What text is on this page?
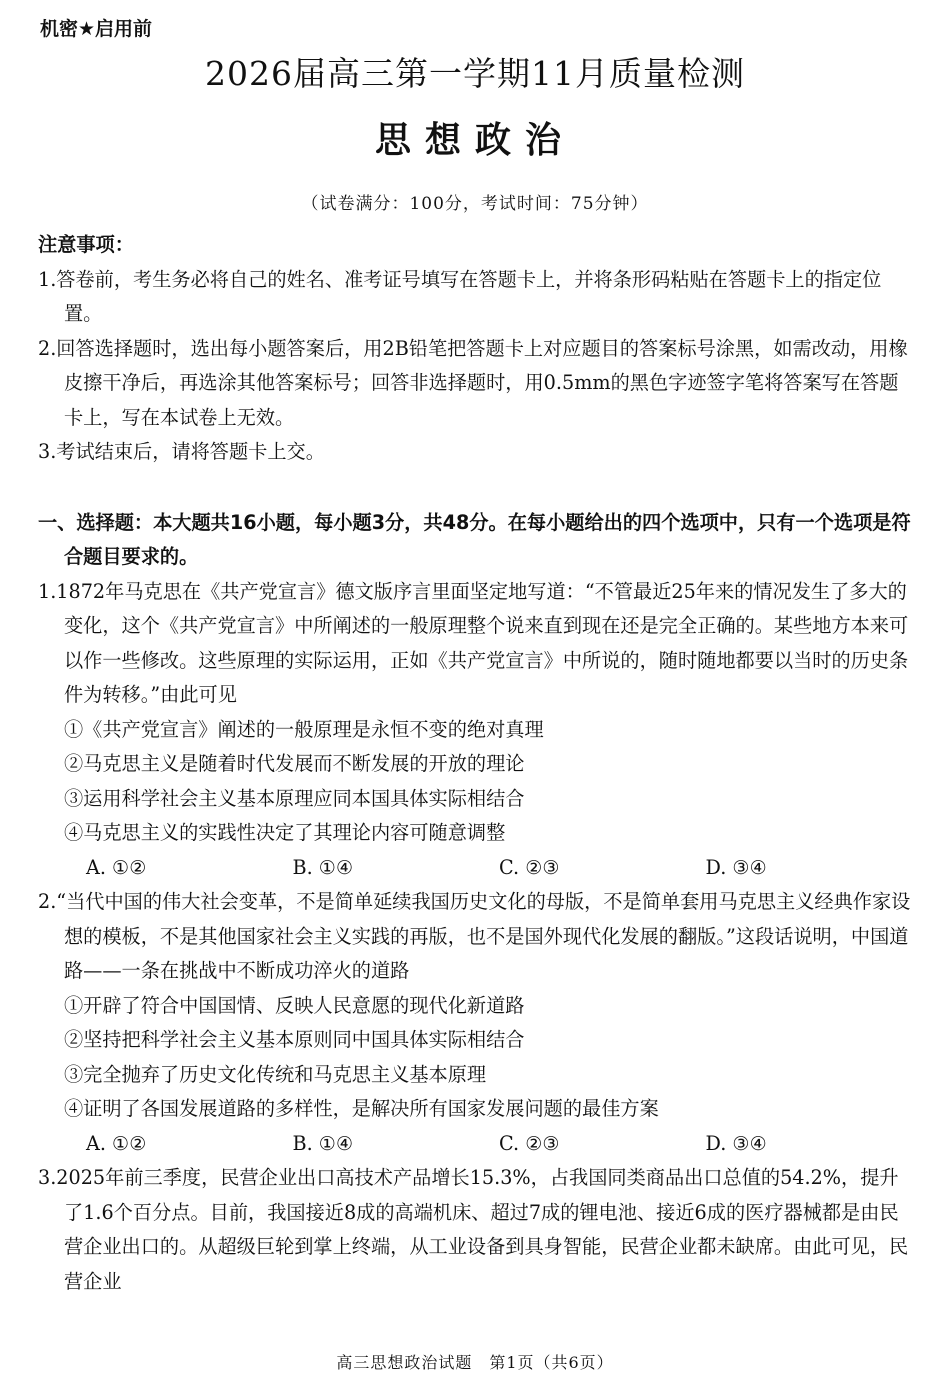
机密★启用前
2026届高三第一学期11月质量检测
思想政治
（试卷满分：100分，考试时间：75分钟）
注意事项：
1.答卷前，考生务必将自己的姓名、准考证号填写在答题卡上，并将条形码粘贴在答题卡上的指定位置。
2.回答选择题时，选出每小题答案后，用2B铅笔把答题卡上对应题目的答案标号涂黑，如需改动，用橡皮擦干净后，再选涂其他答案标号；回答非选择题时，用0.5mm的黑色字迹签字笔将答案写在答题卡上，写在本试卷上无效。
3.考试结束后，请将答题卡上交。
一、选择题：本大题共16小题，每小题3分，共48分。在每小题给出的四个选项中，只有一个选项是符合题目要求的。
1.1872年马克思在《共产党宣言》德文版序言里面坚定地写道：“不管最近25年来的情况发生了多大的变化，这个《共产党宣言》中所阐述的一般原理整个说来直到现在还是完全正确的。某些地方本来可以作一些修改。这些原理的实际运用，正如《共产党宣言》中所说的，随时随地都要以当时的历史条件为转移。”由此可见
①《共产党宣言》阐述的一般原理是永恒不变的绝对真理
②马克思主义是随着时代发展而不断发展的开放的理论
③运用科学社会主义基本原理应同本国具体实际相结合
④马克思主义的实践性决定了其理论内容可随意调整
A. ①②	B. ①④	C. ②③	D. ③④
2.“当代中国的伟大社会变革，不是简单延续我国历史文化的母版，不是简单套用马克思主义经典作家设想的模板，不是其他国家社会主义实践的再版，也不是国外现代化发展的翻版。”这段话说明，中国道路——一条在挑战中不断成功淬火的道路
①开辟了符合中国国情、反映人民意愿的现代化新道路
②坚持把科学社会主义基本原则同中国具体实际相结合
③完全抛弃了历史文化传统和马克思主义基本原理
④证明了各国发展道路的多样性，是解决所有国家发展问题的最佳方案
A. ①②	B. ①④	C. ②③	D. ③④
3.2025年前三季度，民营企业出口高技术产品增长15.3%，占我国同类商品出口总值的54.2%，提升了1.6个百分点。目前，我国接近8成的高端机床、超过7成的锂电池、接近6成的医疗器械都是由民营企业出口的。从超级巨轮到掌上终端，从工业设备到具身智能，民营企业都未缺席。由此可见，民营企业
高三思想政治试题　第1页（共6页）
